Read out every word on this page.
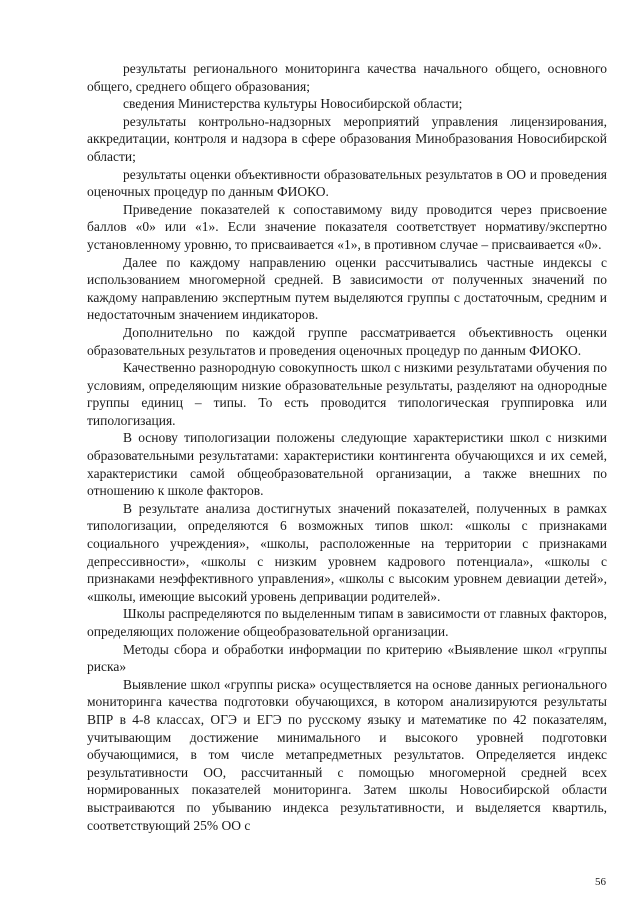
результаты регионального мониторинга качества начального общего, основного общего, среднего общего образования;

сведения Министерства культуры Новосибирской области;

результаты контрольно-надзорных мероприятий управления лицензирования, аккредитации, контроля и надзора в сфере образования Минобразования Новосибирской области;

результаты оценки объективности образовательных результатов в ОО и проведения оценочных процедур по данным ФИОКО.

Приведение показателей к сопоставимому виду проводится через присвоение баллов «0» или «1». Если значение показателя соответствует нормативу/экспертно установленному уровню, то присваивается «1», в противном случае – присваивается «0».

Далее по каждому направлению оценки рассчитывались частные индексы с использованием многомерной средней. В зависимости от полученных значений по каждому направлению экспертным путем выделяются группы с достаточным, средним и недостаточным значением индикаторов.

Дополнительно по каждой группе рассматривается объективность оценки образовательных результатов и проведения оценочных процедур по данным ФИОКО.

Качественно разнородную совокупность школ с низкими результатами обучения по условиям, определяющим низкие образовательные результаты, разделяют на однородные группы единиц – типы. То есть проводится типологическая группировка или типологизация.

В основу типологизации положены следующие характеристики школ с низкими образовательными результатами: характеристики контингента обучающихся и их семей, характеристики самой общеобразовательной организации, а также внешних по отношению к школе факторов.

В результате анализа достигнутых значений показателей, полученных в рамках типологизации, определяются 6 возможных типов школ: «школы с признаками социального учреждения», «школы, расположенные на территории с признаками депрессивности», «школы с низким уровнем кадрового потенциала», «школы с признаками неэффективного управления», «школы с высоким уровнем девиации детей», «школы, имеющие высокий уровень депривации родителей».

Школы распределяются по выделенным типам в зависимости от главных факторов, определяющих положение общеобразовательной организации.

Методы сбора и обработки информации по критерию «Выявление школ «группы риска»

Выявление школ «группы риска» осуществляется на основе данных регионального мониторинга качества подготовки обучающихся, в котором анализируются результаты ВПР в 4-8 классах, ОГЭ и ЕГЭ по русскому языку и математике по 42 показателям, учитывающим достижение минимального и высокого уровней подготовки обучающимися, в том числе метапредметных результатов. Определяется индекс результативности ОО, рассчитанный с помощью многомерной средней всех нормированных показателей мониторинга. Затем школы Новосибирской области выстраиваются по убыванию индекса результативности, и выделяется квартиль, соответствующий 25% ОО с

56
